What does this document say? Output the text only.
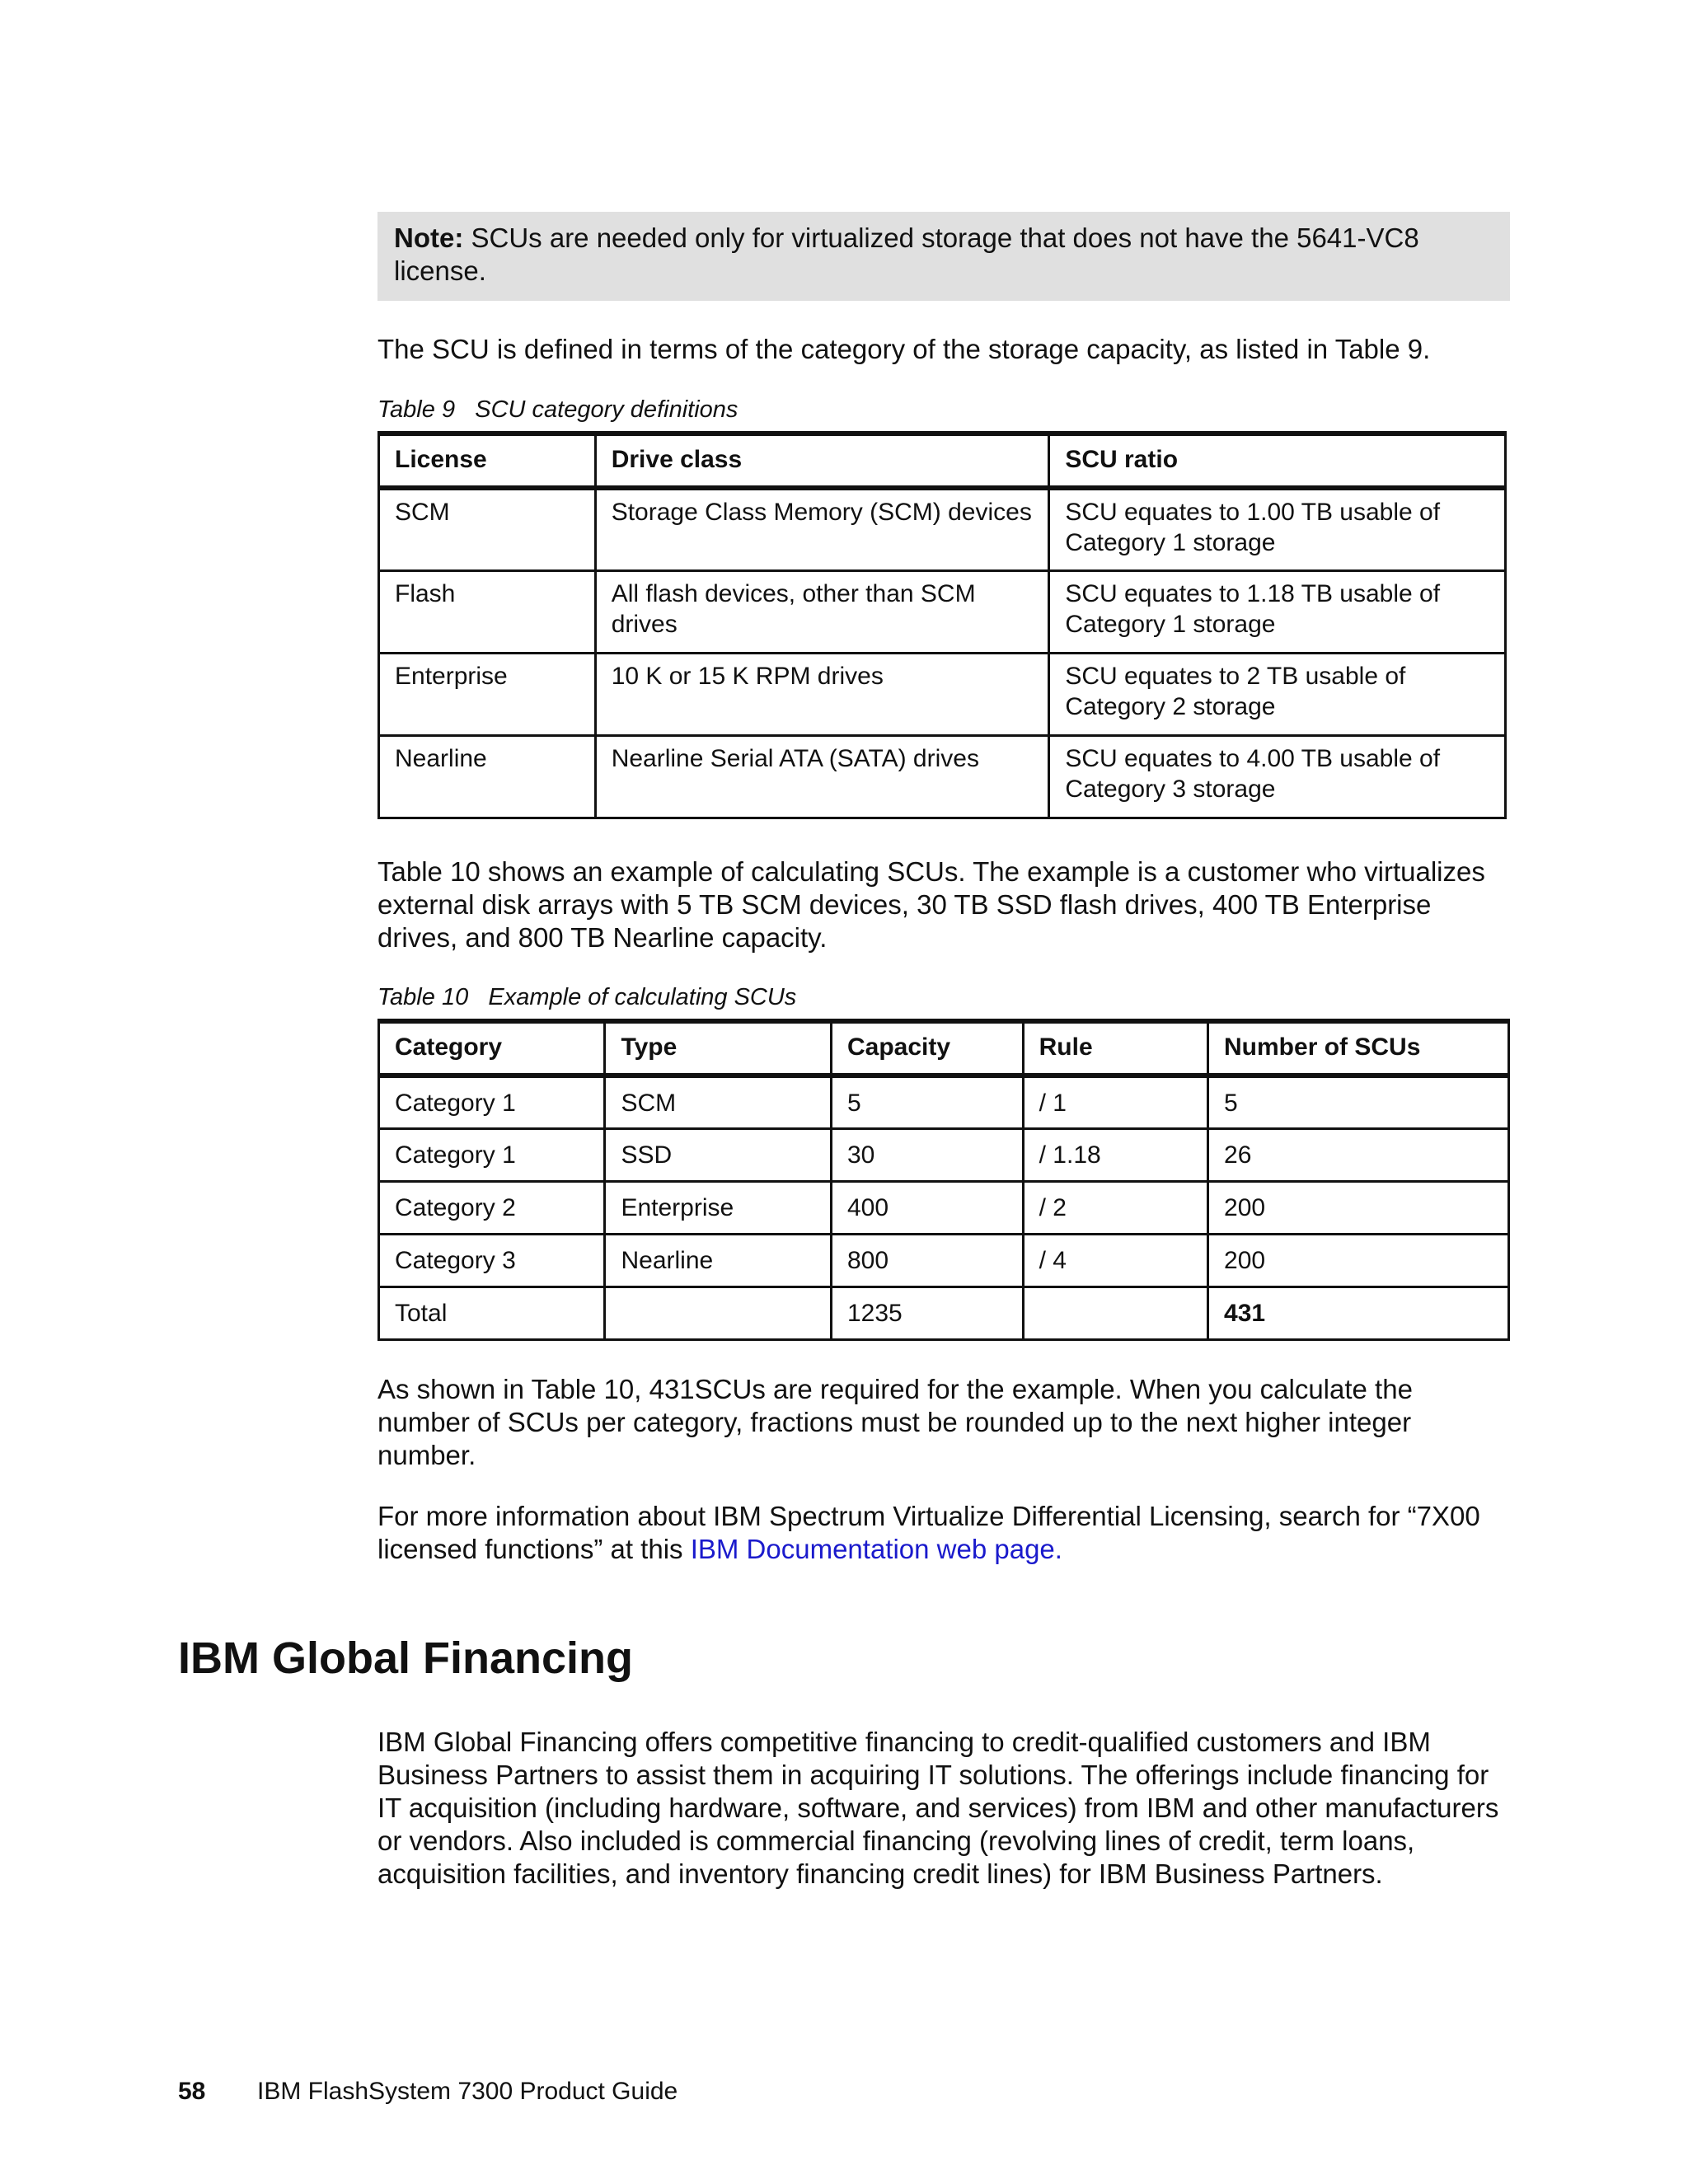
Note: SCUs are needed only for virtualized storage that does not have the 5641-VC8 license.

The SCU is defined in terms of the category of the storage capacity, as listed in Table 9.

Table 9   SCU category definitions
License	Drive class	SCU ratio
SCM	Storage Class Memory (SCM) devices	SCU equates to 1.00 TB usable of Category 1 storage
Flash	All flash devices, other than SCM drives	SCU equates to 1.18 TB usable of Category 1 storage
Enterprise	10 K or 15 K RPM drives	SCU equates to 2 TB usable of Category 2 storage
Nearline	Nearline Serial ATA (SATA) drives	SCU equates to 4.00 TB usable of Category 3 storage

Table 10 shows an example of calculating SCUs. The example is a customer who virtualizes external disk arrays with 5 TB SCM devices, 30 TB SSD flash drives, 400 TB Enterprise drives, and 800 TB Nearline capacity.

Table 10   Example of calculating SCUs
Category	Type	Capacity	Rule	Number of SCUs
Category 1	SCM	5	/ 1	5
Category 1	SSD	30	/ 1.18	26
Category 2	Enterprise	400	/ 2	200
Category 3	Nearline	800	/ 4	200
Total		1235		431

As shown in Table 10, 431SCUs are required for the example. When you calculate the number of SCUs per category, fractions must be rounded up to the next higher integer number.

For more information about IBM Spectrum Virtualize Differential Licensing, search for “7X00 licensed functions” at this IBM Documentation web page.

IBM Global Financing

IBM Global Financing offers competitive financing to credit-qualified customers and IBM Business Partners to assist them in acquiring IT solutions. The offerings include financing for IT acquisition (including hardware, software, and services) from IBM and other manufacturers or vendors. Also included is commercial financing (revolving lines of credit, term loans, acquisition facilities, and inventory financing credit lines) for IBM Business Partners.

58 IBM FlashSystem 7300 Product Guide
